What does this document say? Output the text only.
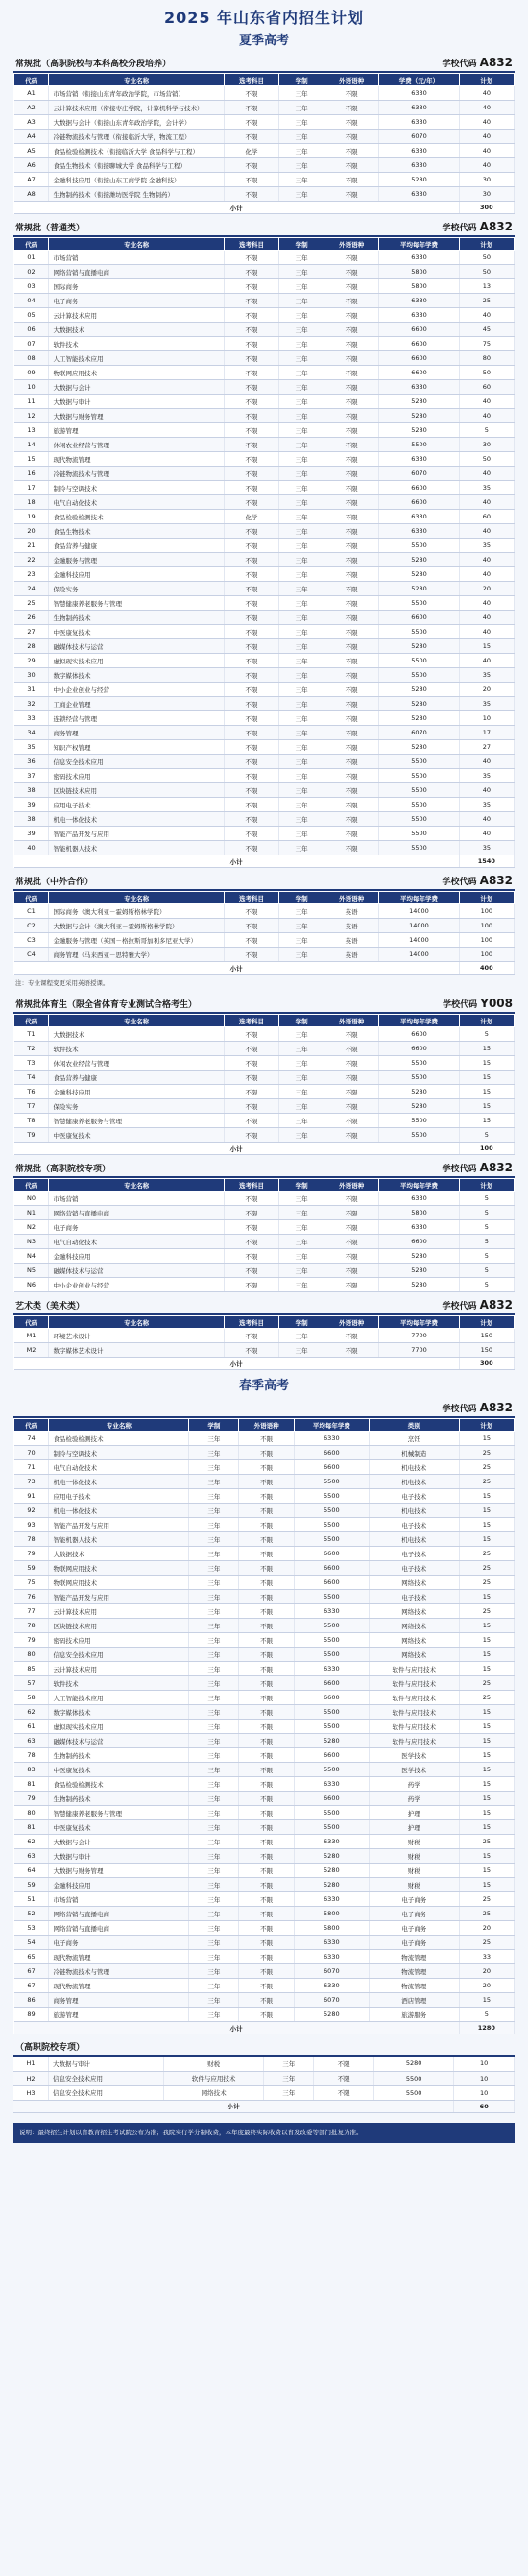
2025 年山东省内招生计划
夏季高考
常规批（高职院校与本科高校分段培养）	学校代码 A832
代码	专业名称	选考科目	学制	外语语种	学费（元/年）	计划
A1	市场营销（衔接山东青年政治学院，市场营销）	不限	三年	不限	6330	40
A2	云计算技术应用（衔接枣庄学院，计算机科学与技术）	不限	三年	不限	6330	40
A3	大数据与会计（衔接山东青年政治学院，会计学）	不限	三年	不限	6330	40
A4	冷链物流技术与管理（衔接临沂大学，物流工程）	不限	三年	不限	6070	40
A5	食品检验检测技术（衔接临沂大学 食品科学与工程）	化学	三年	不限	6330	40
A6	食品生物技术（衔接聊城大学 食品科学与工程）	不限	三年	不限	6330	40
A7	金融科技应用（衔接山东工商学院 金融科技）	不限	三年	不限	5280	30
A8	生物制药技术（衔接潍坊医学院 生物制药）	不限	三年	不限	6330	30
小计						300
常规批（普通类）	学校代码 A832
代码	专业名称	选考科目	学制	外语语种	平均每年学费	计划
01	市场营销	不限	三年	不限	6330	50
02	网络营销与直播电商	不限	三年	不限	5800	50
03	国际商务	不限	三年	不限	5800	13
04	电子商务	不限	三年	不限	6330	25
05	云计算技术应用	不限	三年	不限	6330	40
06	大数据技术	不限	三年	不限	6600	45
07	软件技术	不限	三年	不限	6600	75
08	人工智能技术应用	不限	三年	不限	6600	80
09	物联网应用技术	不限	三年	不限	6600	50
10	大数据与会计	不限	三年	不限	6330	60
11	大数据与审计	不限	三年	不限	5280	40
12	大数据与财务管理	不限	三年	不限	5280	40
13	旅游管理	不限	三年	不限	5280	5
14	休闲农业经营与管理	不限	三年	不限	5500	30
15	现代物流管理	不限	三年	不限	6330	50
16	冷链物流技术与管理	不限	三年	不限	6070	40
17	制冷与空调技术	不限	三年	不限	6600	35
18	电气自动化技术	不限	三年	不限	6600	40
19	食品检验检测技术	化学	三年	不限	6330	60
20	食品生物技术	不限	三年	不限	6330	40
21	食品营养与健康	不限	三年	不限	5500	35
22	金融服务与管理	不限	三年	不限	5280	40
23	金融科技应用	不限	三年	不限	5280	40
24	保险实务	不限	三年	不限	5280	20
25	智慧健康养老服务与管理	不限	三年	不限	5500	40
26	生物制药技术	不限	三年	不限	6600	40
27	中医康复技术	不限	三年	不限	5500	40
28	融媒体技术与运营	不限	三年	不限	5280	15
29	虚拟现实技术应用	不限	三年	不限	5500	40
30	数字媒体技术	不限	三年	不限	5500	35
31	中小企业创业与经营	不限	三年	不限	5280	20
32	工商企业管理	不限	三年	不限	5280	35
33	连锁经营与管理	不限	三年	不限	5280	10
34	商务管理	不限	三年	不限	6070	17
35	知识产权管理	不限	三年	不限	5280	27
36	信息安全技术应用	不限	三年	不限	5500	40
37	密码技术应用	不限	三年	不限	5500	35
38	区块链技术应用	不限	三年	不限	5500	40
39	应用电子技术	不限	三年	不限	5500	35
38	机电一体化技术	不限	三年	不限	5500	40
39	智能产品开发与应用	不限	三年	不限	5500	40
40	智能机器人技术	不限	三年	不限	5500	35
小计						1540
常规批（中外合作）	学校代码 A832
代码	专业名称	选考科目	学制	外语语种	平均每年学费	计划
C1	国际商务（澳大利亚－霍姆斯格林学院）	不限	三年	英语	14000	100
C2	大数据与会计（澳大利亚－霍姆斯格林学院）	不限	三年	英语	14000	100
C3	金融服务与管理（英国－格拉斯哥加利多尼亚大学）	不限	三年	英语	14000	100
C4	商务管理（马来西亚－思特雅大学）	不限	三年	英语	14000	100
小计						400
注：专业课程变更采用英语授课。
常规批体育生（限全省体育专业测试合格考生）	学校代码 Y008
代码	专业名称	选考科目	学制	外语语种	平均每年学费	计划
T1	大数据技术	不限	三年	不限	6600	5
T2	软件技术	不限	三年	不限	6600	15
T3	休闲农业经营与管理	不限	三年	不限	5500	15
T4	食品营养与健康	不限	三年	不限	5500	15
T6	金融科技应用	不限	三年	不限	5280	15
T7	保险实务	不限	三年	不限	5280	15
T8	智慧健康养老服务与管理	不限	三年	不限	5500	15
T9	中医康复技术	不限	三年	不限	5500	5
小计						100
常规批（高职院校专项）	学校代码 A832
代码	专业名称	选考科目	学制	外语语种	平均每年学费	计划
N0	市场营销	不限	三年	不限	6330	5
N1	网络营销与直播电商	不限	三年	不限	5800	5
N2	电子商务	不限	三年	不限	6330	5
N3	电气自动化技术	不限	三年	不限	6600	5
N4	金融科技应用	不限	三年	不限	5280	5
N5	融媒体技术与运营	不限	三年	不限	5280	5
N6	中小企业创业与经营	不限	三年	不限	5280	5
艺术类（美术类）	学校代码 A832
代码	专业名称	选考科目	学制	外语语种	平均每年学费	计划
M1	环境艺术设计	不限	三年	不限	7700	150
M2	数字媒体艺术设计	不限	三年	不限	7700	150
小计						300
春季高考
学校代码 A832
代码	专业名称	学制	外语语种	平均每年学费	类别	计划
74	食品检验检测技术	三年	不限	6330	烹饪	15
70	制冷与空调技术	三年	不限	6600	机械制造	25
71	电气自动化技术	三年	不限	6600	机电技术	25
73	机电一体化技术	三年	不限	5500	机电技术	25
91	应用电子技术	三年	不限	5500	电子技术	15
92	机电一体化技术	三年	不限	5500	机电技术	15
93	智能产品开发与应用	三年	不限	5500	电子技术	15
78	智能机器人技术	三年	不限	5500	机电技术	15
79	大数据技术	三年	不限	6600	电子技术	25
59	物联网应用技术	三年	不限	6600	电子技术	25
75	物联网应用技术	三年	不限	6600	网络技术	25
76	智能产品开发与应用	三年	不限	5500	电子技术	15
77	云计算技术应用	三年	不限	6330	网络技术	25
78	区块链技术应用	三年	不限	5500	网络技术	15
79	密码技术应用	三年	不限	5500	网络技术	15
80	信息安全技术应用	三年	不限	5500	网络技术	15
85	云计算技术应用	三年	不限	6330	软件与应用技术	15
57	软件技术	三年	不限	6600	软件与应用技术	25
58	人工智能技术应用	三年	不限	6600	软件与应用技术	25
62	数字媒体技术	三年	不限	5500	软件与应用技术	15
61	虚拟现实技术应用	三年	不限	5500	软件与应用技术	15
63	融媒体技术与运营	三年	不限	5280	软件与应用技术	15
78	生物制药技术	三年	不限	6600	医学技术	15
83	中医康复技术	三年	不限	5500	医学技术	15
81	食品检验检测技术	三年	不限	6330	药学	15
79	生物制药技术	三年	不限	6600	药学	15
80	智慧健康养老服务与管理	三年	不限	5500	护理	15
81	中医康复技术	三年	不限	5500	护理	15
62	大数据与会计	三年	不限	6330	财税	25
63	大数据与审计	三年	不限	5280	财税	15
64	大数据与财务管理	三年	不限	5280	财税	15
59	金融科技应用	三年	不限	5280	财税	15
51	市场营销	三年	不限	6330	电子商务	25
52	网络营销与直播电商	三年	不限	5800	电子商务	25
53	网络营销与直播电商	三年	不限	5800	电子商务	20
54	电子商务	三年	不限	6330	电子商务	25
65	现代物流管理	三年	不限	6330	物流管理	33
67	冷链物流技术与管理	三年	不限	6070	物流管理	20
67	现代物流管理	三年	不限	6330	物流管理	20
86	商务管理	三年	不限	6070	酒店管理	15
89	旅游管理	三年	不限	5280	旅游服务	5
小计						1280
（高职院校专项）
H1	大数据与审计	财税	三年	不限	5280	10
H2	信息安全技术应用	软件与应用技术	三年	不限	5500	10
H3	信息安全技术应用	网络技术	三年	不限	5500	10
小计						60
说明：最终招生计划以省教育招生考试院公布为准；我院实行学分制收费，本年度最终实际收费以省发改委等部门批复为准。
